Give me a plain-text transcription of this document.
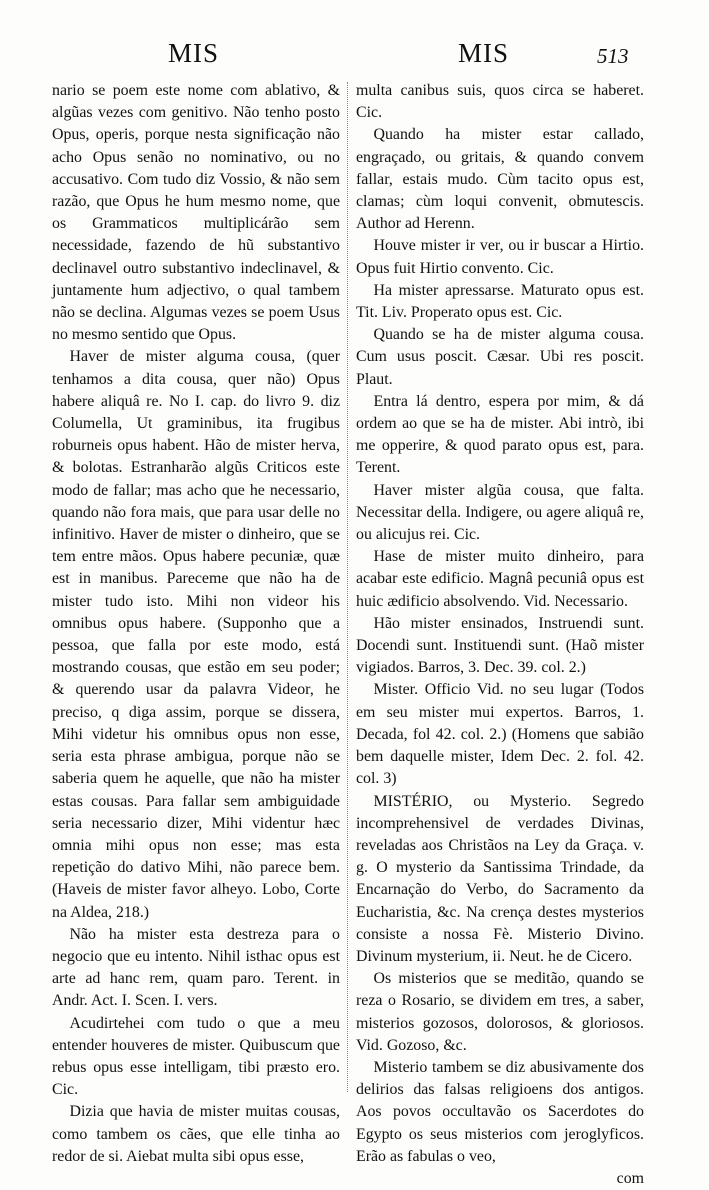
MIS	MIS	513

nario se poem este nome com ablativo, & algũas vezes com genitivo. Não tenho posto Opus, operis, porque nesta significação não acho Opus senão no nominativo, ou no accusativo. Com tudo diz Vossio, & não sem razão, que Opus he hum mesmo nome, que os Grammaticos multiplicárão sem necessidade, fazendo de hũ substantivo declinavel outro substantivo indeclinavel, & juntamente hum adjectivo, o qual tambem não se declina. Algumas vezes se poem Usus no mesmo sentido que Opus.

Haver de mister alguma cousa, (quer tenhamos a dita cousa, quer não) Opus habere aliquâ re. No I. cap. do livro 9. diz Columella, Ut graminibus, ita frugibus roburneis opus habent. Hão de mister herva, & bolotas. Estranharão algũs Criticos este modo de fallar; mas acho que he necessario, quando não fora mais, que para usar delle no infinitivo. Haver de mister o dinheiro, que se tem entre mãos. Opus habere pecuniæ, quæ est in manibus. Pareceme que não ha de mister tudo isto. Mihi non videor his omnibus opus habere. (Supponho que a pessoa, que falla por este modo, está mostrando cousas, que estão em seu poder; & querendo usar da palavra Videor, he preciso, q diga assim, porque se dissera, Mihi videtur his omnibus opus non esse, seria esta phrase ambigua, porque não se saberia quem he aquelle, que não ha mister estas cousas. Para fallar sem ambiguidade seria necessario dizer, Mihi videntur hæc omnia mihi opus non esse; mas esta repetição do dativo Mihi, não parece bem. (Haveis de mister favor alheyo. Lobo, Corte na Aldea, 218.)

Não ha mister esta destreza para o negocio que eu intento. Nihil isthac opus est arte ad hanc rem, quam paro. Terent. in Andr. Act. I. Scen. I. vers.

Acudirtehei com tudo o que a meu entender houveres de mister. Quibuscum que rebus opus esse intelligam, tibi præsto ero. Cic.

Dizia que havia de mister muitas cousas, como tambem os cães, que elle tinha ao redor de si. Aiebat multa sibi opus esse,

multa canibus suis, quos circa se haberet. Cic.

Quando ha mister estar callado, engraçado, ou gritais, & quando convem fallar, estais mudo. Cùm tacito opus est, clamas; cùm loqui convenit, obmutescis. Author ad Herenn.

Houve mister ir ver, ou ir buscar a Hirtio. Opus fuit Hirtio convento. Cic.

Ha mister apressarse. Maturato opus est. Tit. Liv. Properato opus est. Cic.

Quando se ha de mister alguma cousa. Cum usus poscit. Cæsar. Ubi res poscit. Plaut.

Entra lá dentro, espera por mim, & dá ordem ao que se ha de mister. Abi intrò, ibi me opperire, & quod parato opus est, para. Terent.

Haver mister algũa cousa, que falta. Necessitar della. Indigere, ou agere aliquâ re, ou alicujus rei. Cic.

Hase de mister muito dinheiro, para acabar este edificio. Magnâ pecuniâ opus est huic ædificio absolvendo. Vid. Necessario.

Hão mister ensinados, Instruendi sunt. Docendi sunt. Instituendi sunt. (Haõ mister vigiados. Barros, 3. Dec. 39. col. 2.)

Mister. Officio Vid. no seu lugar (Todos em seu mister mui expertos. Barros, 1. Decada, fol 42. col. 2.) (Homens que sabião bem daquelle mister, Idem Dec. 2. fol. 42. col. 3)

MISTÉRIO, ou Mysterio. Segredo incomprehensivel de verdades Divinas, reveladas aos Christãos na Ley da Graça. v. g. O mysterio da Santissima Trindade, da Encarnação do Verbo, do Sacramento da Eucharistia, &c. Na crença destes mysterios consiste a nossa Fè. Misterio Divino. Divinum mysterium, ii. Neut. he de Cicero.

Os misterios que se meditão, quando se reza o Rosario, se dividem em tres, a saber, misterios gozosos, dolorosos, & gloriosos. Vid. Gozoso, &c.

Misterio tambem se diz abusivamente dos delirios das falsas religioens dos antigos. Aos povos occultavão os Sacerdotes do Egypto os seus misterios com jeroglyficos. Erão as fabulas o veo,

com
